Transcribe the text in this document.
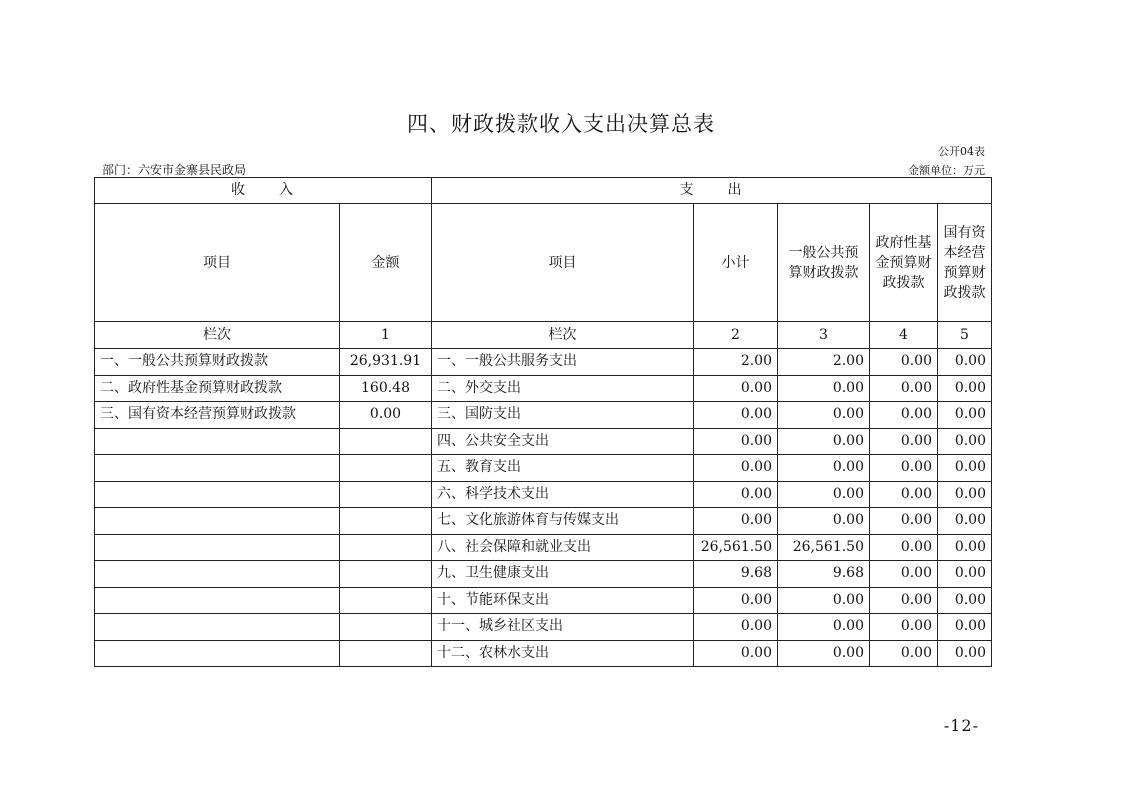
四、财政拨款收入支出决算总表
公开04表
部门：六安市金寨县民政局	金额单位：万元
收 入		支 出				
项目	金额	项目	小计	一般公共预算财政拨款	政府性基金预算财政拨款	国有资本经营预算财政拨款
栏次	1	栏次	2	3	4	5
一、一般公共预算财政拨款	26,931.91	一、一般公共服务支出	2.00	2.00	0.00	0.00
二、政府性基金预算财政拨款	160.48	二、外交支出	0.00	0.00	0.00	0.00
三、国有资本经营预算财政拨款	0.00	三、国防支出	0.00	0.00	0.00	0.00
		四、公共安全支出	0.00	0.00	0.00	0.00
		五、教育支出	0.00	0.00	0.00	0.00
		六、科学技术支出	0.00	0.00	0.00	0.00
		七、文化旅游体育与传媒支出	0.00	0.00	0.00	0.00
		八、社会保障和就业支出	26,561.50	26,561.50	0.00	0.00
		九、卫生健康支出	9.68	9.68	0.00	0.00
		十、节能环保支出	0.00	0.00	0.00	0.00
		十一、城乡社区支出	0.00	0.00	0.00	0.00
		十二、农林水支出	0.00	0.00	0.00	0.00
-12-
